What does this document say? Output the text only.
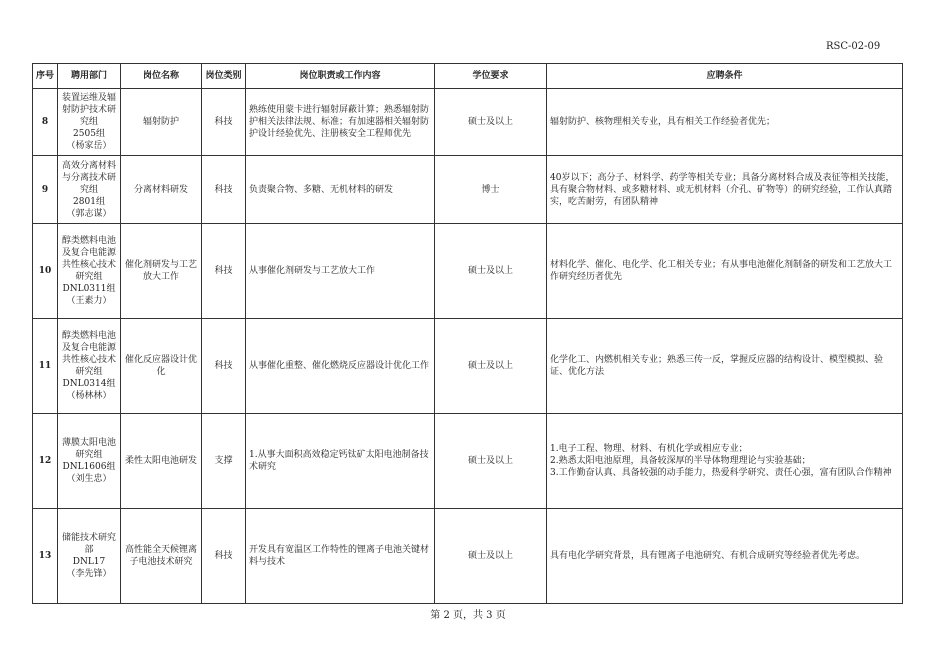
RSC-02-09
序号	聘用部门	岗位名称	岗位类别	岗位职责或工作内容	学位要求	应聘条件
8	装置运维及辐射防护技术研究组
2505组
（杨家岳）	辐射防护	科技	熟练使用蒙卡进行辐射屏蔽计算；熟悉辐射防护相关法律法规、标准；有加速器相关辐射防护设计经验优先、注册核安全工程师优先	硕士及以上	辐射防护、核物理相关专业，具有相关工作经验者优先；
9	高效分离材料与分离技术研究组
2801组
（郭志谋）	分离材料研发	科技	负责聚合物、多糖、无机材料的研发	博士	40岁以下；高分子、材料学、药学等相关专业；具备分离材料合成及表征等相关技能，具有聚合物材料、或多糖材料、或无机材料（介孔、矿物等）的研究经验，工作认真踏实，吃苦耐劳，有团队精神
10	醇类燃料电池及复合电能源共性核心技术研究组
DNL0311组
（王素力）	催化剂研发与工艺放大工作	科技	从事催化剂研发与工艺放大工作	硕士及以上	材料化学、催化、电化学、化工相关专业；有从事电池催化剂制备的研发和工艺放大工作研究经历者优先
11	醇类燃料电池及复合电能源共性核心技术研究组
DNL0314组
（杨林林）	催化反应器设计优化	科技	从事催化重整、催化燃烧反应器设计优化工作	硕士及以上	化学化工、内燃机相关专业；熟悉三传一反，掌握反应器的结构设计、模型模拟、验证、优化方法
12	薄膜太阳电池研究组
DNL1606组
（刘生忠）	柔性太阳电池研发	支撑	1.从事大面积高效稳定钙钛矿太阳电池制备技术研究	硕士及以上	1.电子工程、物理、材料、有机化学或相应专业；
2.熟悉太阳电池原理，具备较深厚的半导体物理理论与实验基础；
3.工作勤奋认真、具备较强的动手能力，热爱科学研究、责任心强，富有团队合作精神
13	储能技术研究部
DNL17
（李先锋）	高性能全天候锂离子电池技术研究	科技	开发具有宽温区工作特性的锂离子电池关键材料与技术	硕士及以上	具有电化学研究背景，具有锂离子电池研究、有机合成研究等经验者优先考虑。
第 2 页，共 3 页
